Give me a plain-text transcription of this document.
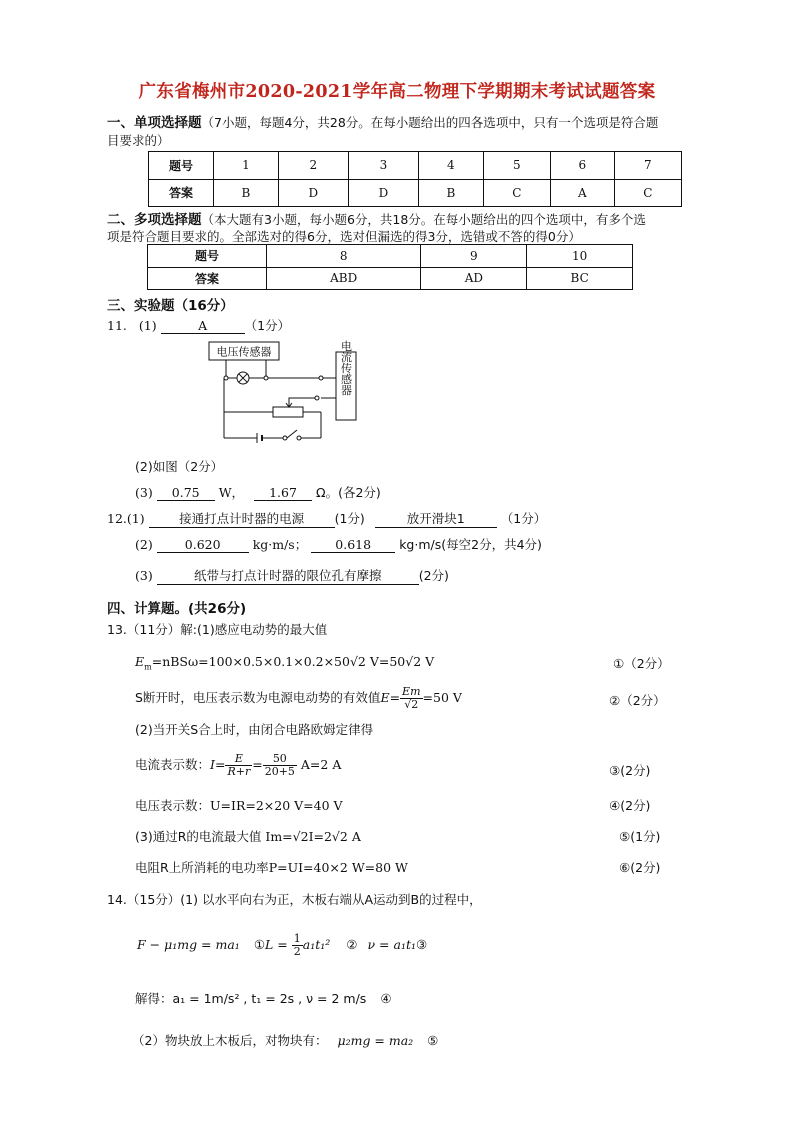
广东省梅州市2020-2021学年高二物理下学期期末考试试题答案
一、单项选择题（7小题，每题4分，共28分。在每小题给出的四各选项中，只有一个选项是符合题
目要求的）
题号	1	2	3	4	5	6	7
答案	B	D	D	B	C	A	C
二、多项选择题（本大题有3小题，每小题6分，共18分。在每小题给出的四个选项中，有多个选
项是符合题目要求的。全部选对的得6分，选对但漏选的得3分，选错或不答的得0分）
题号	8	9	10
答案	ABD	AD	BC
三、实验题（16分）
11. (1)	A	（1分）
电压传感器	电流传感器
(2)如图（2分）
(3) 0.75 W， 1.67 Ω。(各2分)
12.(1)	接通打点计时器的电源 (1分)	放开滑块1	（1分）
(2)	0.620	kg·m/s； 0.618 kg·m/s(每空2分，共4分)
(3)	纸带与打点计时器的限位孔有摩擦	(2分)
四、计算题。(共26分)
13.（11分）解:(1)感应电动势的最大值
$E_m=nBS\omega=100\times 0.5\times 0.1\times 0.2\times 50√2$ V=50√2 V	①（2分）
S断开时，电压表示数为电源电动势的有效值$E= \frac{Em}{√2} =50$ V	②（2分）
(2)当开关S合上时，由闭合电路欧姆定律得
电流表示数：$I= \frac{E}{R+r} = \frac{50}{20+5} A=2$ A	③(2分)
电压表示数：U=IR=2×20 V=40 V	④(2分)
(3)通过R的电流最大值 Im=√2I=2√2 A	⑤(1分)
电阻R上所消耗的电功率P=UI=40×2 W=80 W	⑥(2分)
14.（15分）(1) 以水平向右为正，木板右端从A运动到B的过程中，
F − μ₁mg = ma₁ ①L = $\frac{1}{2} a_1t_1^2$ ② ν = a₁t₁③
解得：a₁ = 1m/s² , t₁ = 2s , ν = 2 m/s ④
（2）物块放上木板后，对物块有： μ₂mg = ma₂ ⑤
